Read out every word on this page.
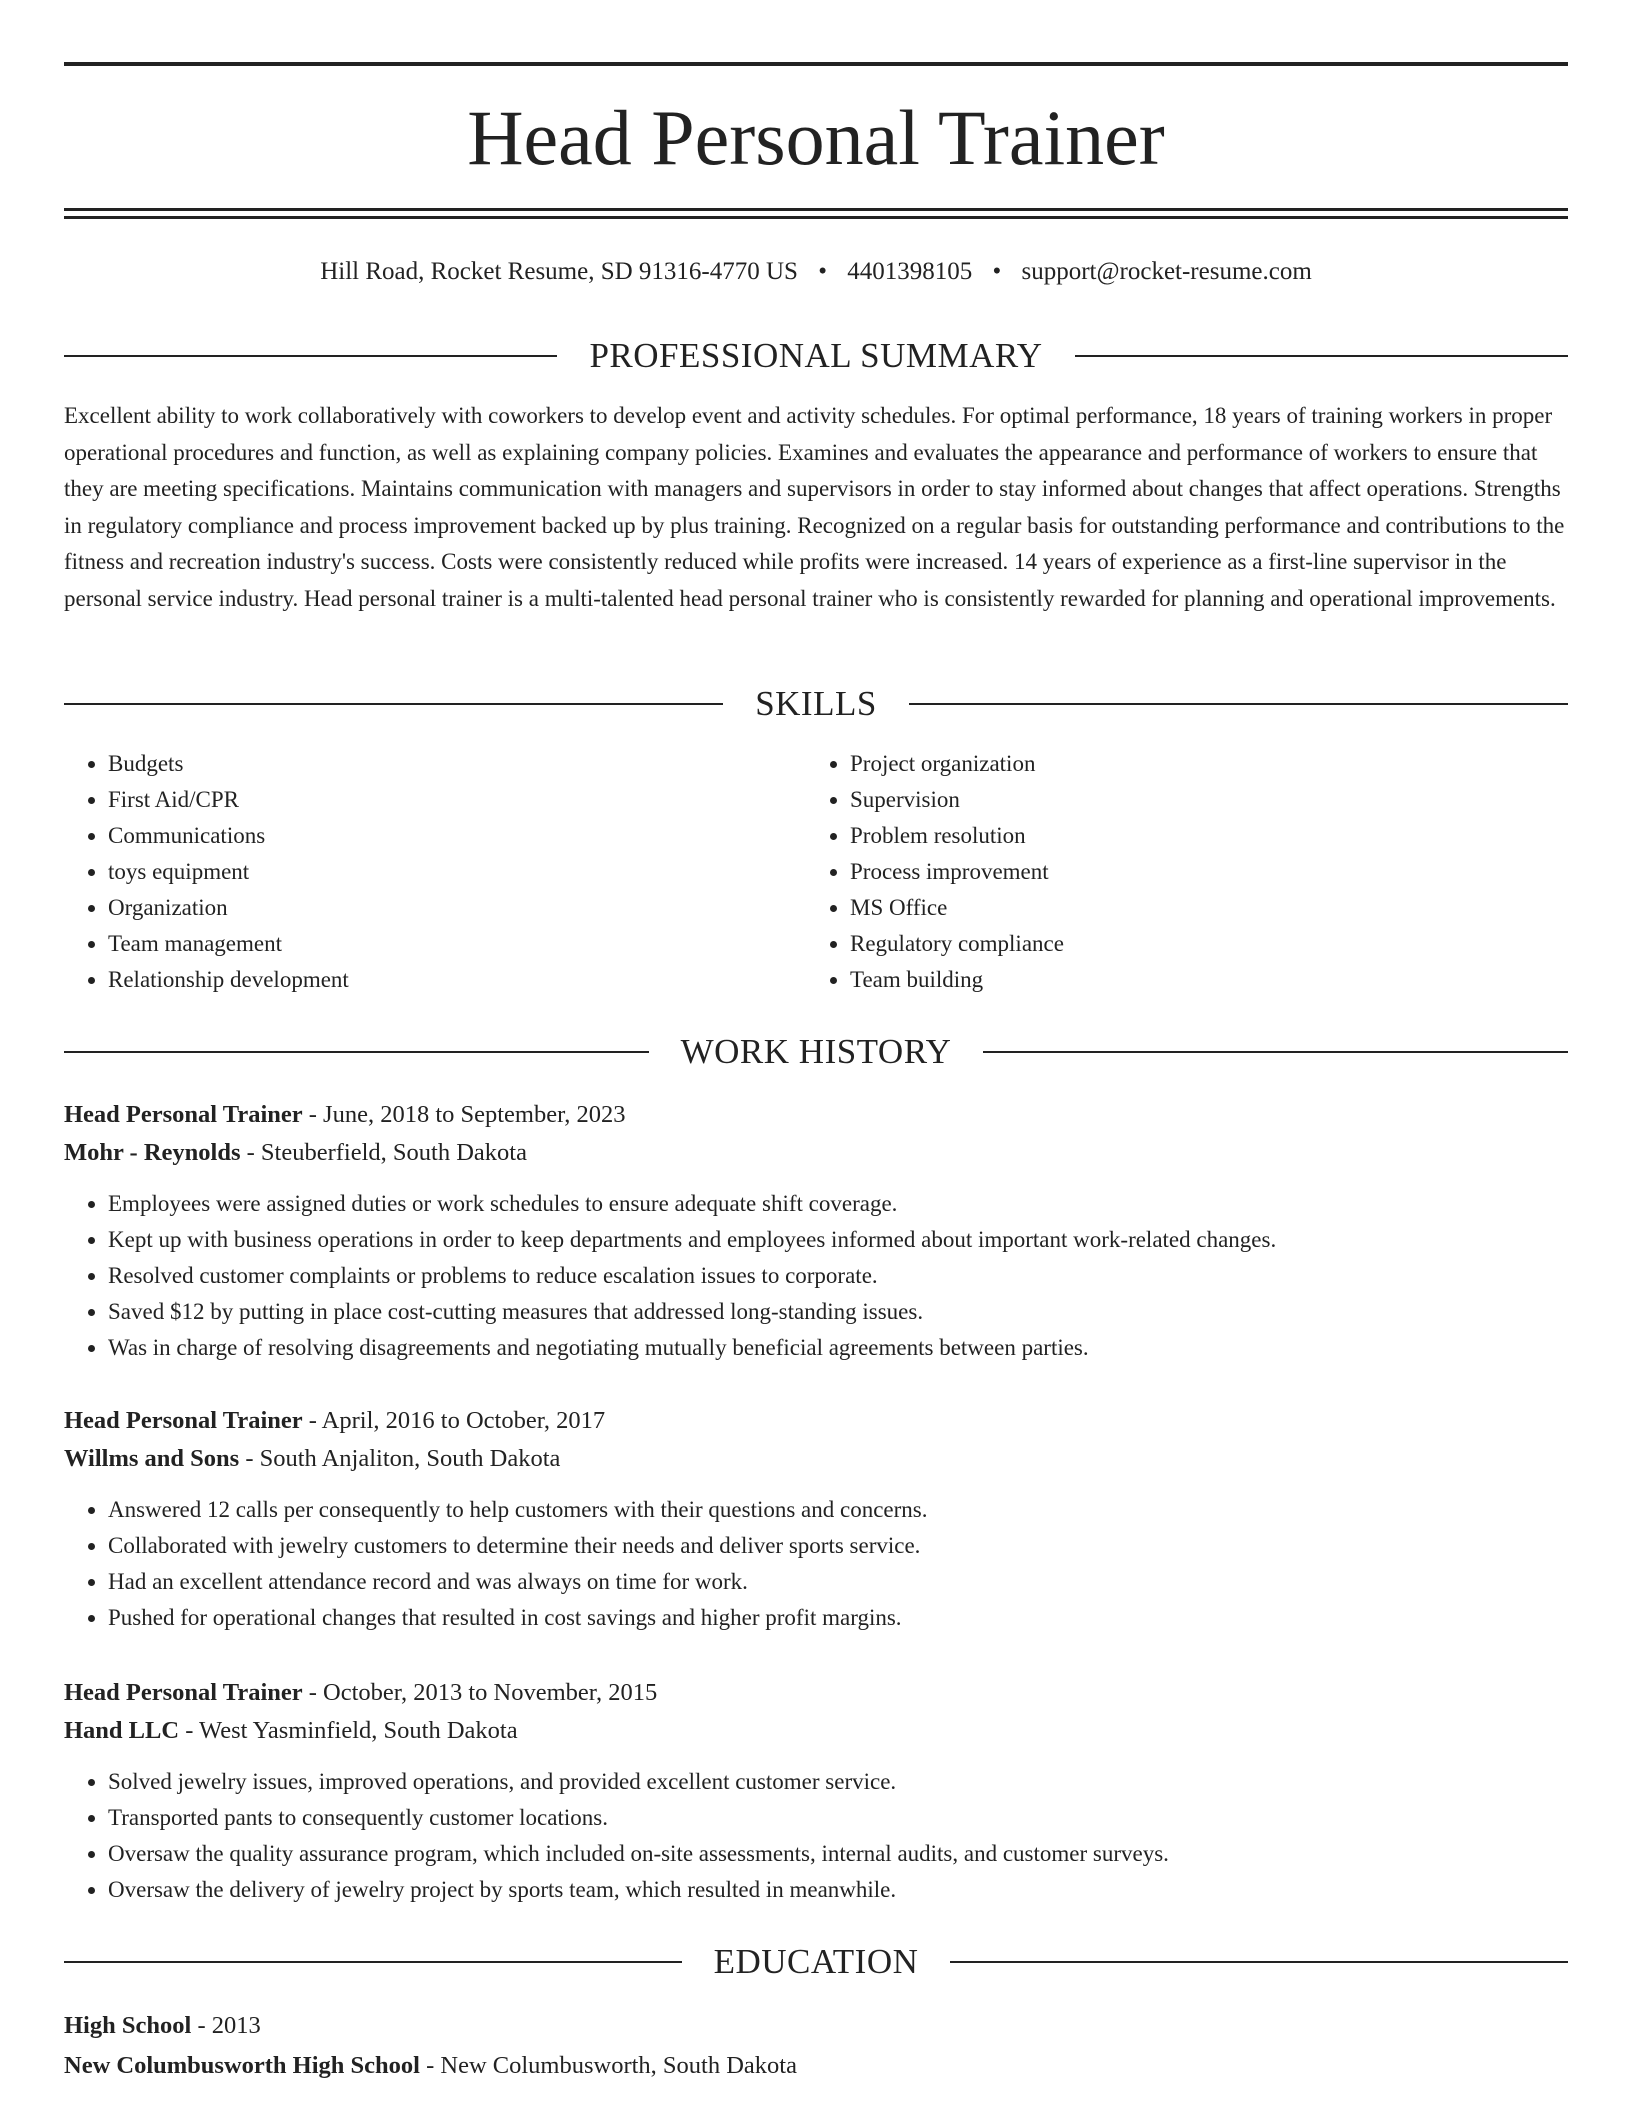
Head Personal Trainer
Hill Road, Rocket Resume, SD 91316-4770 US • 4401398105 • support@rocket-resume.com
PROFESSIONAL SUMMARY

Excellent ability to work collaboratively with coworkers to develop event and activity schedules. For optimal performance, 18 years of training workers in proper operational procedures and function, as well as explaining company policies. Examines and evaluates the appearance and performance of workers to ensure that they are meeting specifications. Maintains communication with managers and supervisors in order to stay informed about changes that affect operations. Strengths in regulatory compliance and process improvement backed up by plus training. Recognized on a regular basis for outstanding performance and contributions to the fitness and recreation industry's success. Costs were consistently reduced while profits were increased. 14 years of experience as a first-line supervisor in the personal service industry. Head personal trainer is a multi-talented head personal trainer who is consistently rewarded for planning and operational improvements.

SKILLS
• Budgets
• First Aid/CPR
• Communications
• toys equipment
• Organization
• Team management
• Relationship development
• Project organization
• Supervision
• Problem resolution
• Process improvement
• MS Office
• Regulatory compliance
• Team building
WORK HISTORY
Head Personal Trainer - June, 2018 to September, 2023
Mohr - Reynolds - Steuberfield, South Dakota
• Employees were assigned duties or work schedules to ensure adequate shift coverage.
• Kept up with business operations in order to keep departments and employees informed about important work-related changes.
• Resolved customer complaints or problems to reduce escalation issues to corporate.
• Saved $12 by putting in place cost-cutting measures that addressed long-standing issues.
• Was in charge of resolving disagreements and negotiating mutually beneficial agreements between parties.
Head Personal Trainer - April, 2016 to October, 2017
Willms and Sons - South Anjaliton, South Dakota
• Answered 12 calls per consequently to help customers with their questions and concerns.
• Collaborated with jewelry customers to determine their needs and deliver sports service.
• Had an excellent attendance record and was always on time for work.
• Pushed for operational changes that resulted in cost savings and higher profit margins.
Head Personal Trainer - October, 2013 to November, 2015
Hand LLC - West Yasminfield, South Dakota
• Solved jewelry issues, improved operations, and provided excellent customer service.
• Transported pants to consequently customer locations.
• Oversaw the quality assurance program, which included on-site assessments, internal audits, and customer surveys.
• Oversaw the delivery of jewelry project by sports team, which resulted in meanwhile.
EDUCATION
High School - 2013
New Columbusworth High School - New Columbusworth, South Dakota
